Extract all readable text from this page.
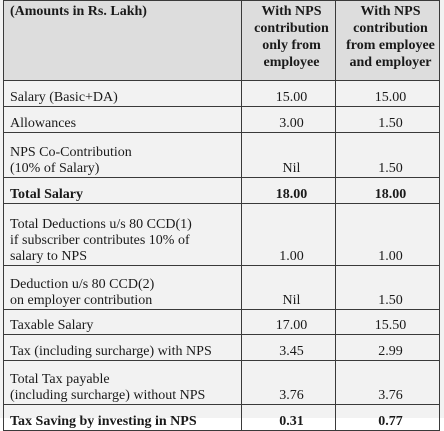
(Amounts in Rs. Lakh)	With NPS
contribution
only from
employee	With NPS
contribution
from employee
and employer

Salary (Basic+DA)	15.00	15.00
Allowances	3.00	1.50

NPS Co-Contribution
(10% of Salary)	Nil	1.50
Total Salary	18.00	18.00

Total Deductions u/s 80 CCD(1)
if subscriber contributes 10% of
salary to NPS	1.00	1.00

Deduction u/s 80 CCD(2)
on employer contribution	Nil	1.50
Taxable Salary	17.00	15.50
Tax (including surcharge) with NPS	3.45	2.99

Total Tax payable
(including surcharge) without NPS	3.76	3.76
Tax Saving by investing in NPS	0.31	0.77
